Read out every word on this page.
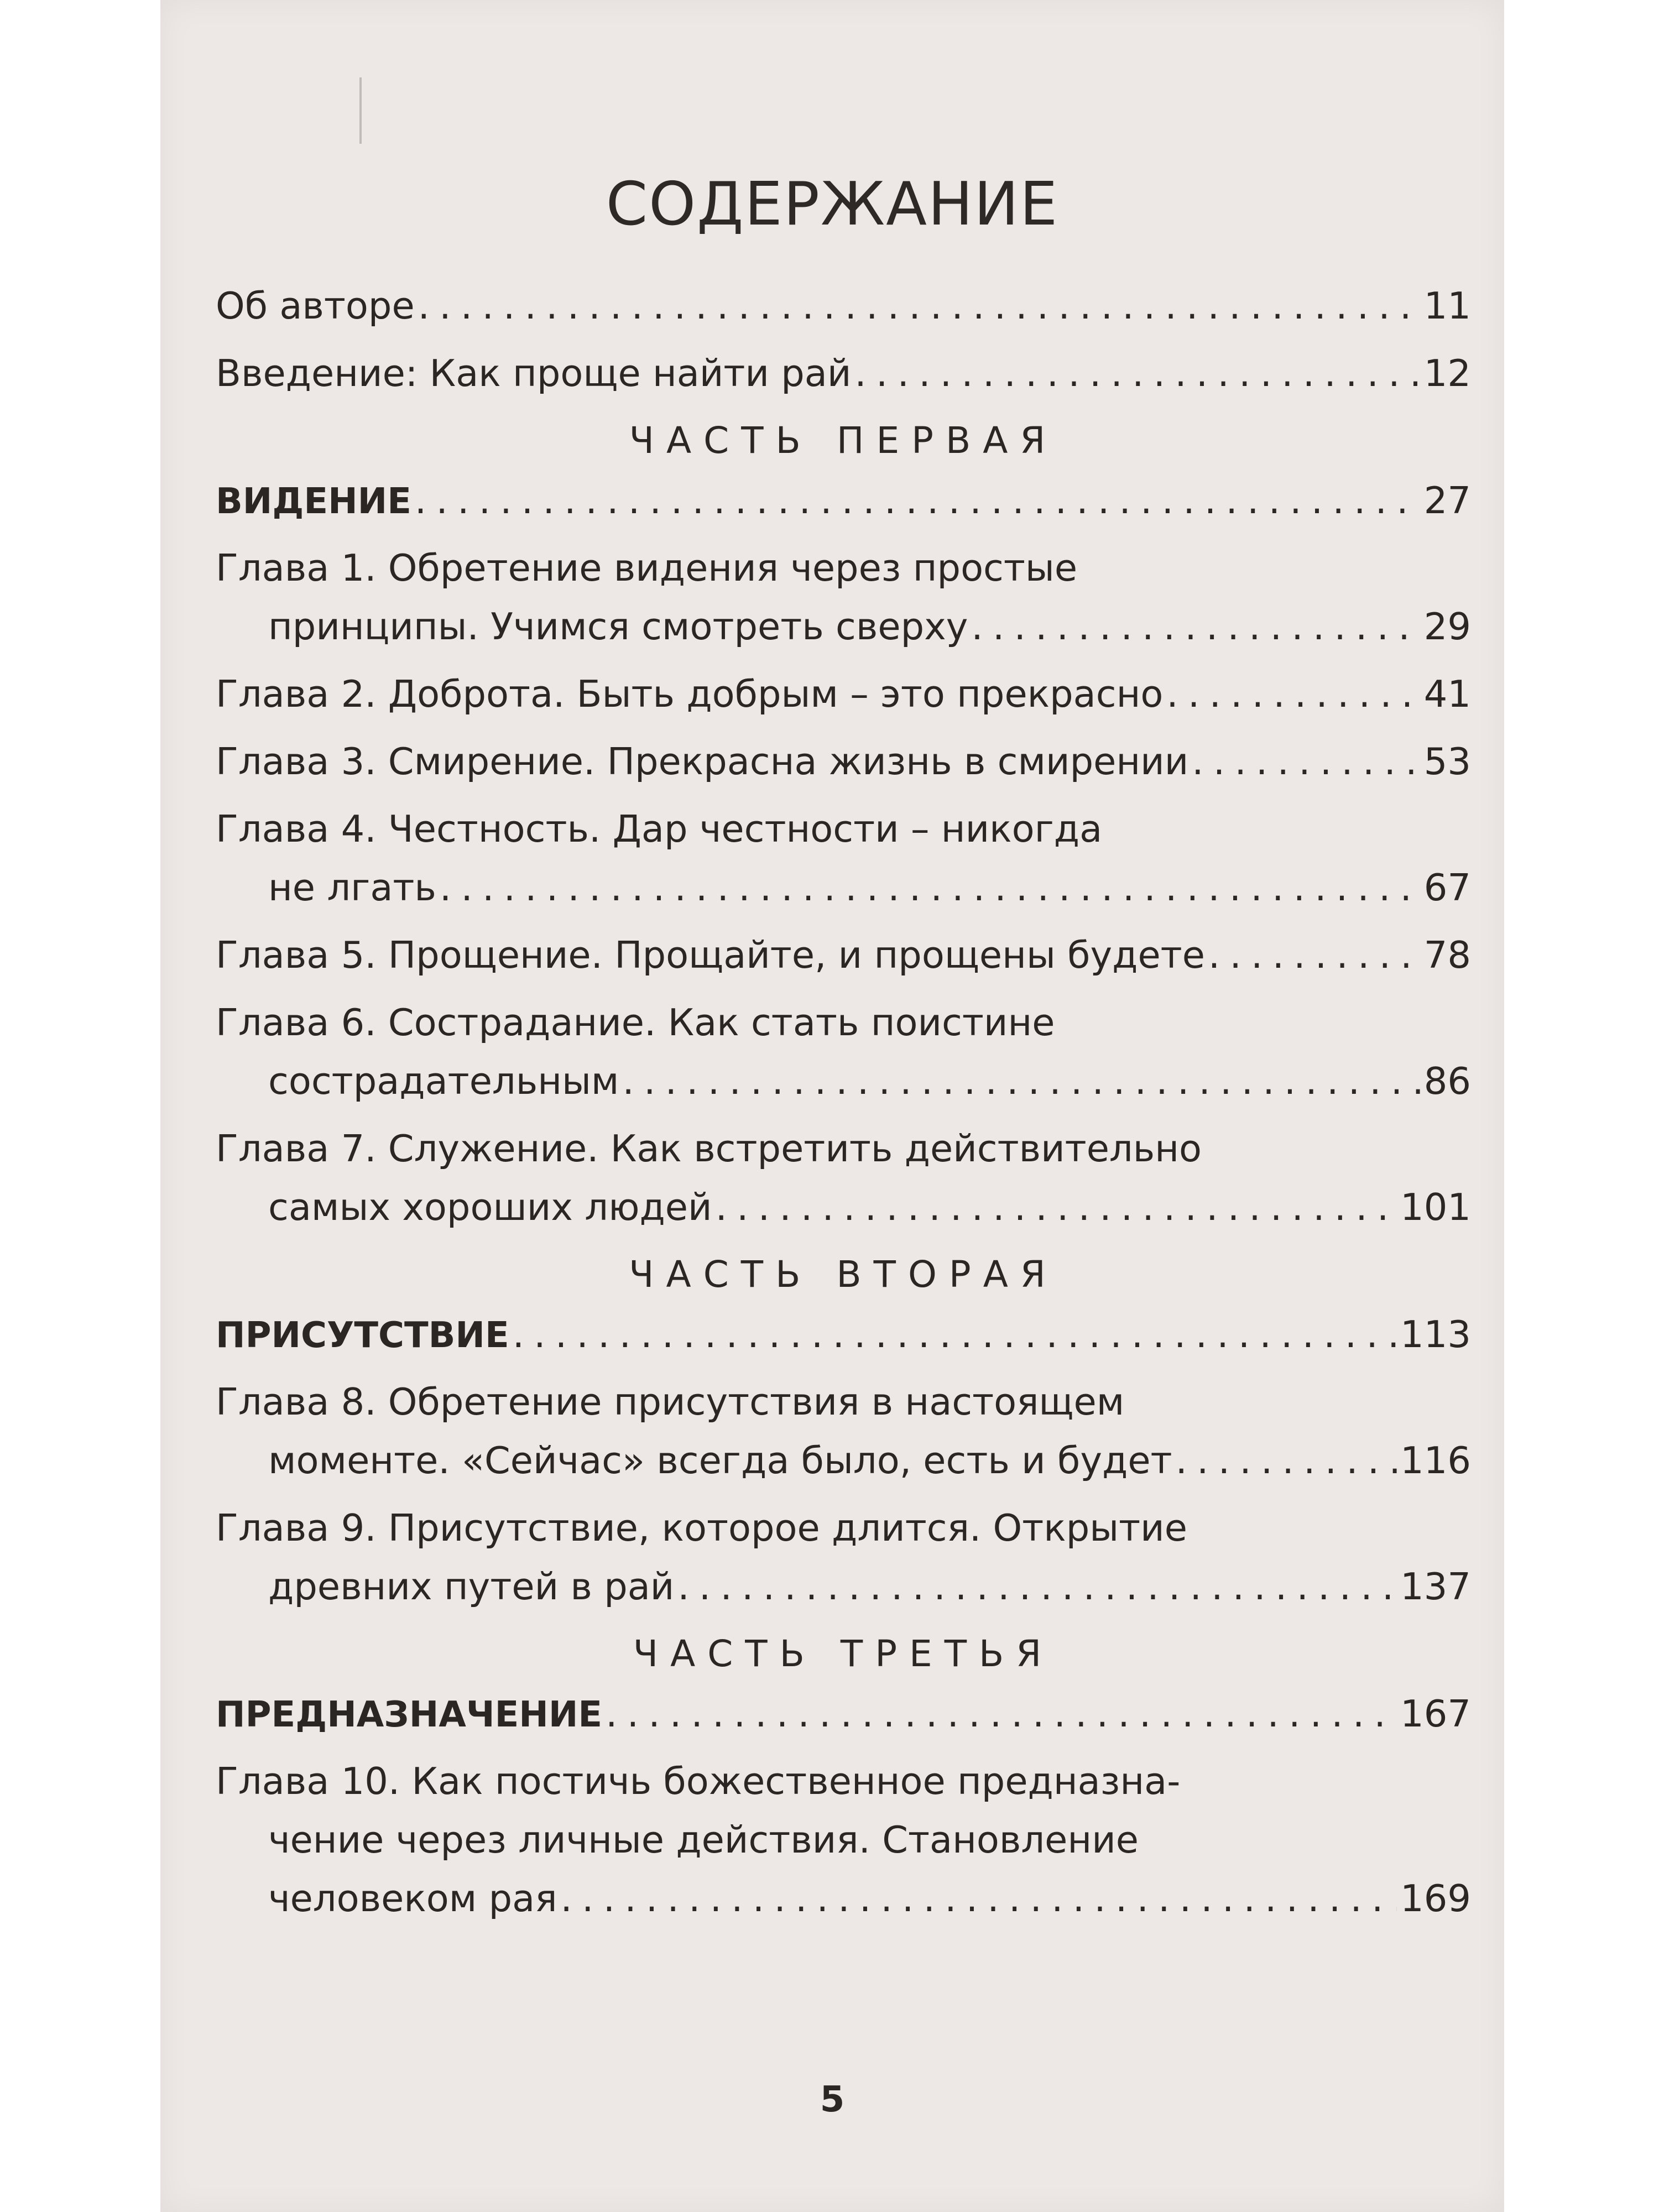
СОДЕРЖАНИЕ
Об авторе . . .	11
Введение: Как проще найти рай . . .	12
ЧАСТЬ ПЕРВАЯ
ВИДЕНИЕ . . .	27
Глава 1. Обретение видения через простые
принципы. Учимся смотреть сверху . . .	29
Глава 2. Доброта. Быть добрым – это прекрасно . . .	41
Глава 3. Смирение. Прекрасна жизнь в смирении . . .	53
Глава 4. Честность. Дар честности – никогда
не лгать . . .	67
Глава 5. Прощение. Прощайте, и прощены будете . . .	78
Глава 6. Сострадание. Как стать поистине
сострадательным . . .	86
Глава 7. Служение. Как встретить действительно
самых хороших людей . . .	101
ЧАСТЬ ВТОРАЯ
ПРИСУТСТВИЕ . . .	113
Глава 8. Обретение присутствия в настоящем
моменте. «Сейчас» всегда было, есть и будет . . .	116
Глава 9. Присутствие, которое длится. Открытие
древних путей в рай . . .	137
ЧАСТЬ ТРЕТЬЯ
ПРЕДНАЗНАЧЕНИЕ . . .	167
Глава 10. Как постичь божественное предназна-
чение через личные действия. Становление
человеком рая . . .	169
5
